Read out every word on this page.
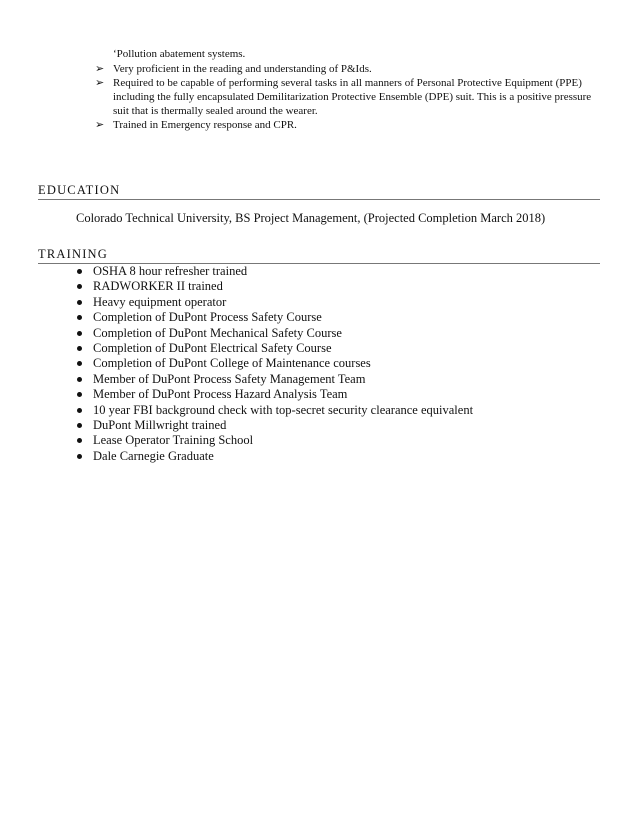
‘Pollution abatement systems.
➢ Very proficient in the reading and understanding of P&Ids.
➢ Required to be capable of performing several tasks in all manners of Personal Protective Equipment (PPE) including the fully encapsulated Demilitarization Protective Ensemble (DPE) suit. This is a positive pressure suit that is thermally sealed around the wearer.
➢ Trained in Emergency response and CPR.
EDUCATION
Colorado Technical University, BS Project Management, (Projected Completion March 2018)
TRAINING
OSHA 8 hour refresher trained
RADWORKER II trained
Heavy equipment operator
Completion of DuPont Process Safety Course
Completion of DuPont Mechanical Safety Course
Completion of DuPont Electrical Safety Course
Completion of DuPont College of Maintenance courses
Member of DuPont Process Safety Management Team
Member of DuPont Process Hazard Analysis Team
10 year FBI background check with top-secret security clearance equivalent
DuPont Millwright trained
Lease Operator Training School
Dale Carnegie Graduate
